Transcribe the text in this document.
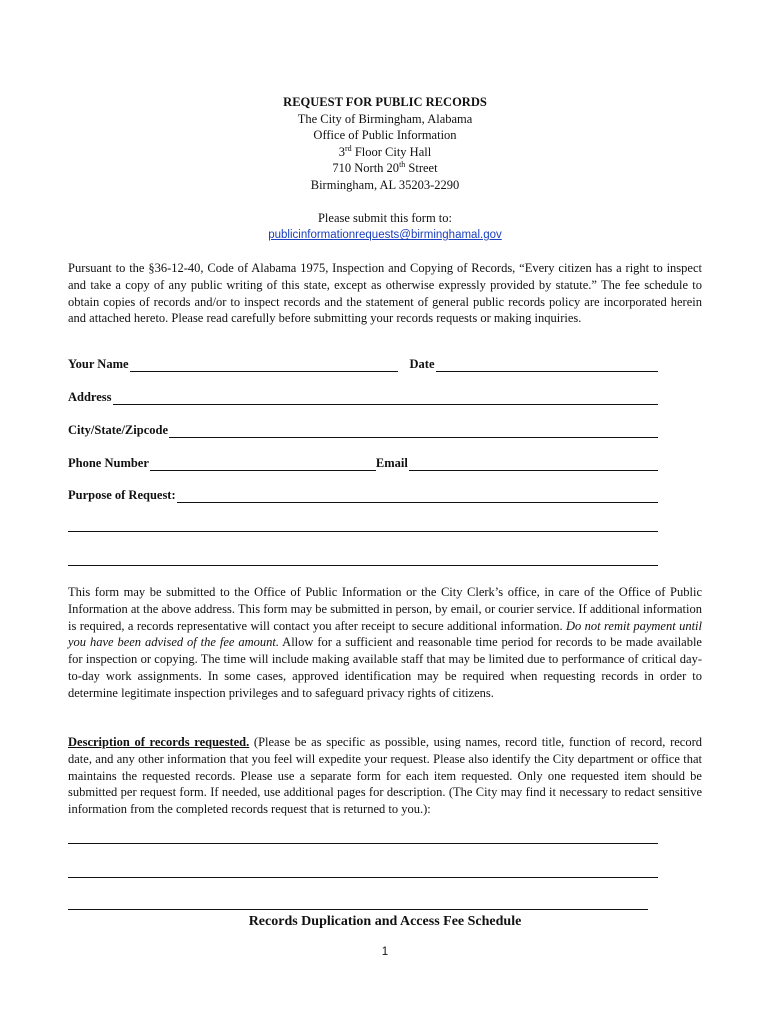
REQUEST FOR PUBLIC RECORDS
The City of Birmingham, Alabama
Office of Public Information
3rd Floor City Hall
710 North 20th Street
Birmingham, AL 35203-2290
Please submit this form to:
publicinformationrequests@birminghamal.gov
Pursuant to the §36-12-40, Code of Alabama 1975, Inspection and Copying of Records, “Every citizen has a right to inspect and take a copy of any public writing of this state, except as otherwise expressly provided by statute.” The fee schedule to obtain copies of records and/or to inspect records and the statement of general public records policy are incorporated herein and attached hereto. Please read carefully before submitting your records requests or making inquiries.
Your Name	Date
Address
City/State/Zipcode
Phone Number	Email
Purpose of Request:
This form may be submitted to the Office of Public Information or the City Clerk’s office, in care of the Office of Public Information at the above address. This form may be submitted in person, by email, or courier service. If additional information is required, a records representative will contact you after receipt to secure additional information. Do not remit payment until you have been advised of the fee amount. Allow for a sufficient and reasonable time period for records to be made available for inspection or copying. The time will include making available staff that may be limited due to performance of critical day-to-day work assignments. In some cases, approved identification may be required when requesting records in order to determine legitimate inspection privileges and to safeguard privacy rights of citizens.
Description of records requested. (Please be as specific as possible, using names, record title, function of record, record date, and any other information that you feel will expedite your request. Please also identify the City department or office that maintains the requested records. Please use a separate form for each item requested. Only one requested item should be submitted per request form. If needed, use additional pages for description. (The City may find it necessary to redact sensitive information from the completed records request that is returned to you.):
Records Duplication and Access Fee Schedule
1
